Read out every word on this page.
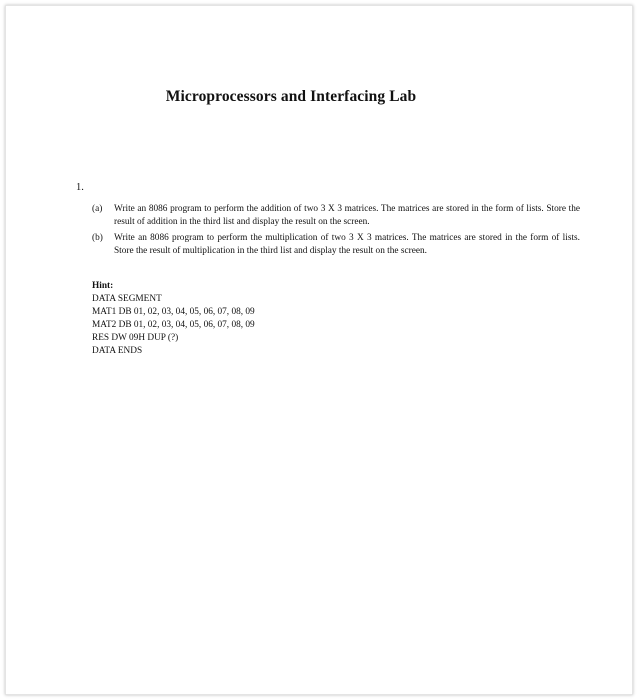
Microprocessors and Interfacing Lab
1.
(a) Write an 8086 program to perform the addition of two 3 X 3 matrices. The matrices are stored in the form of lists. Store the result of addition in the third list and display the result on the screen.
(b) Write an 8086 program to perform the multiplication of two 3 X 3 matrices. The matrices are stored in the form of lists. Store the result of multiplication in the third list and display the result on the screen.
Hint:
DATA SEGMENT
MAT1 DB 01, 02, 03, 04, 05, 06, 07, 08, 09
MAT2 DB 01, 02, 03, 04, 05, 06, 07, 08, 09
RES DW 09H DUP (?)
DATA ENDS
